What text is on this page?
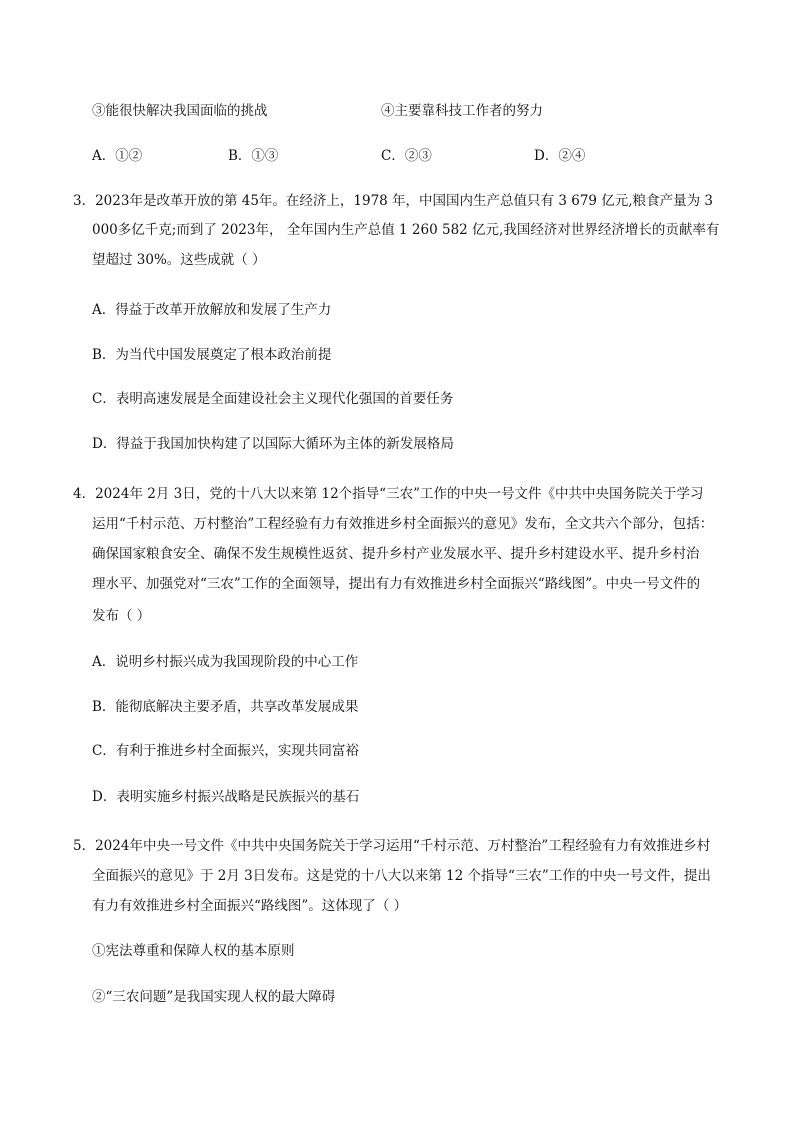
③能很快解决我国面临的挑战	④主要靠科技工作者的努力
A．①②	B．①③	C．②③	D．②④
3．2023年是改革开放的第 45年。在经济上，1978 年，中国国内生产总值只有 3 679 亿元,粮食产量为 3
000多亿千克;而到了 2023年， 全年国内生产总值 1 260 582 亿元,我国经济对世界经济增长的贡献率有
望超过 30%。这些成就（ ）
A．得益于改革开放解放和发展了生产力
B．为当代中国发展奠定了根本政治前提
C．表明高速发展是全面建设社会主义现代化强国的首要任务
D．得益于我国加快构建了以国际大循环为主体的新发展格局
4．2024年 2月 3日，党的十八大以来第 12个指导“三农”工作的中央一号文件《中共中央国务院关于学习
运用“千村示范、万村整治”工程经验有力有效推进乡村全面振兴的意见》发布，全文共六个部分，包括：
确保国家粮食安全、确保不发生规模性返贫、提升乡村产业发展水平、提升乡村建设水平、提升乡村治
理水平、加强党对“三农”工作的全面领导，提出有力有效推进乡村全面振兴“路线图”。中央一号文件的
发布（ ）
A．说明乡村振兴成为我国现阶段的中心工作
B．能彻底解决主要矛盾，共享改革发展成果
C．有利于推进乡村全面振兴，实现共同富裕
D．表明实施乡村振兴战略是民族振兴的基石
5．2024年中央一号文件《中共中央国务院关于学习运用“千村示范、万村整治”工程经验有力有效推进乡村
全面振兴的意见》于 2月 3日发布。这是党的十八大以来第 12 个指导“三农”工作的中央一号文件，提出
有力有效推进乡村全面振兴“路线图”。这体现了（ ）
①宪法尊重和保障人权的基本原则
②“三农问题”是我国实现人权的最大障碍
